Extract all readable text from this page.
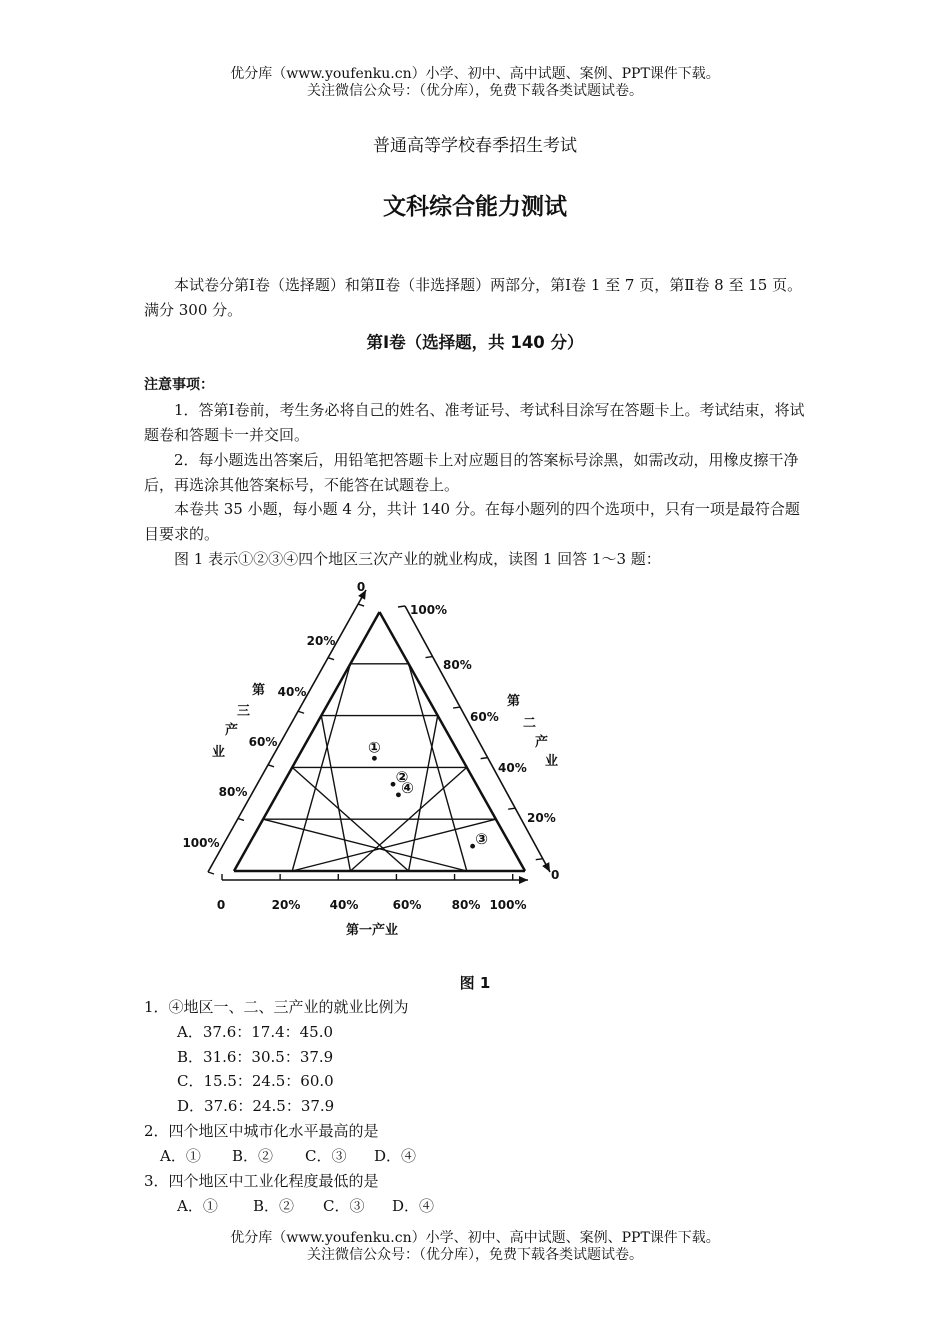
优分库（www.youfenku.cn）小学、初中、高中试题、案例、PPT课件下载。
关注微信公众号：（优分库），免费下载各类试题试卷。
普通高等学校春季招生考试
文科综合能力测试
本试卷分第Ⅰ卷（选择题）和第Ⅱ卷（非选择题）两部分，第Ⅰ卷 1 至 7 页，第Ⅱ卷 8 至 15 页。满分 300 分。
第Ⅰ卷（选择题，共 140 分）
注意事项：
1．答第Ⅰ卷前，考生务必将自己的姓名、准考证号、考试科目涂写在答题卡上。考试结束，将试题卷和答题卡一并交回。
2．每小题选出答案后，用铅笔把答题卡上对应题目的答案标号涂黑，如需改动，用橡皮擦干净后，再选涂其他答案标号，不能答在试题卷上。
本卷共 35 小题，每小题 4 分，共计 140 分。在每小题列的四个选项中，只有一项是最符合题目要求的。
图 1 表示①②③④四个地区三次产业的就业构成，读图 1 回答 1～3 题：
0	20% 40%	60%	80% 100%
第一产业
100%
80%
60%
40%
20%
0
第
二
产
业
0
20%
40%
60%
80%
100%
第
三
产
业	①
②
③
④
图 1
1．④地区一、二、三产业的就业比例为
A．37.6：17.4：45.0
B．31.6：30.5：37.9
C．15.5：24.5：60.0
D．37.6：24.5：37.9
2．四个地区中城市化水平最高的是
A．① B．② C．③ D．④
3．四个地区中工业化程度最低的是
A．① B．② C．③ D．④
优分库（www.youfenku.cn）小学、初中、高中试题、案例、PPT课件下载。
关注微信公众号：（优分库），免费下载各类试题试卷。
